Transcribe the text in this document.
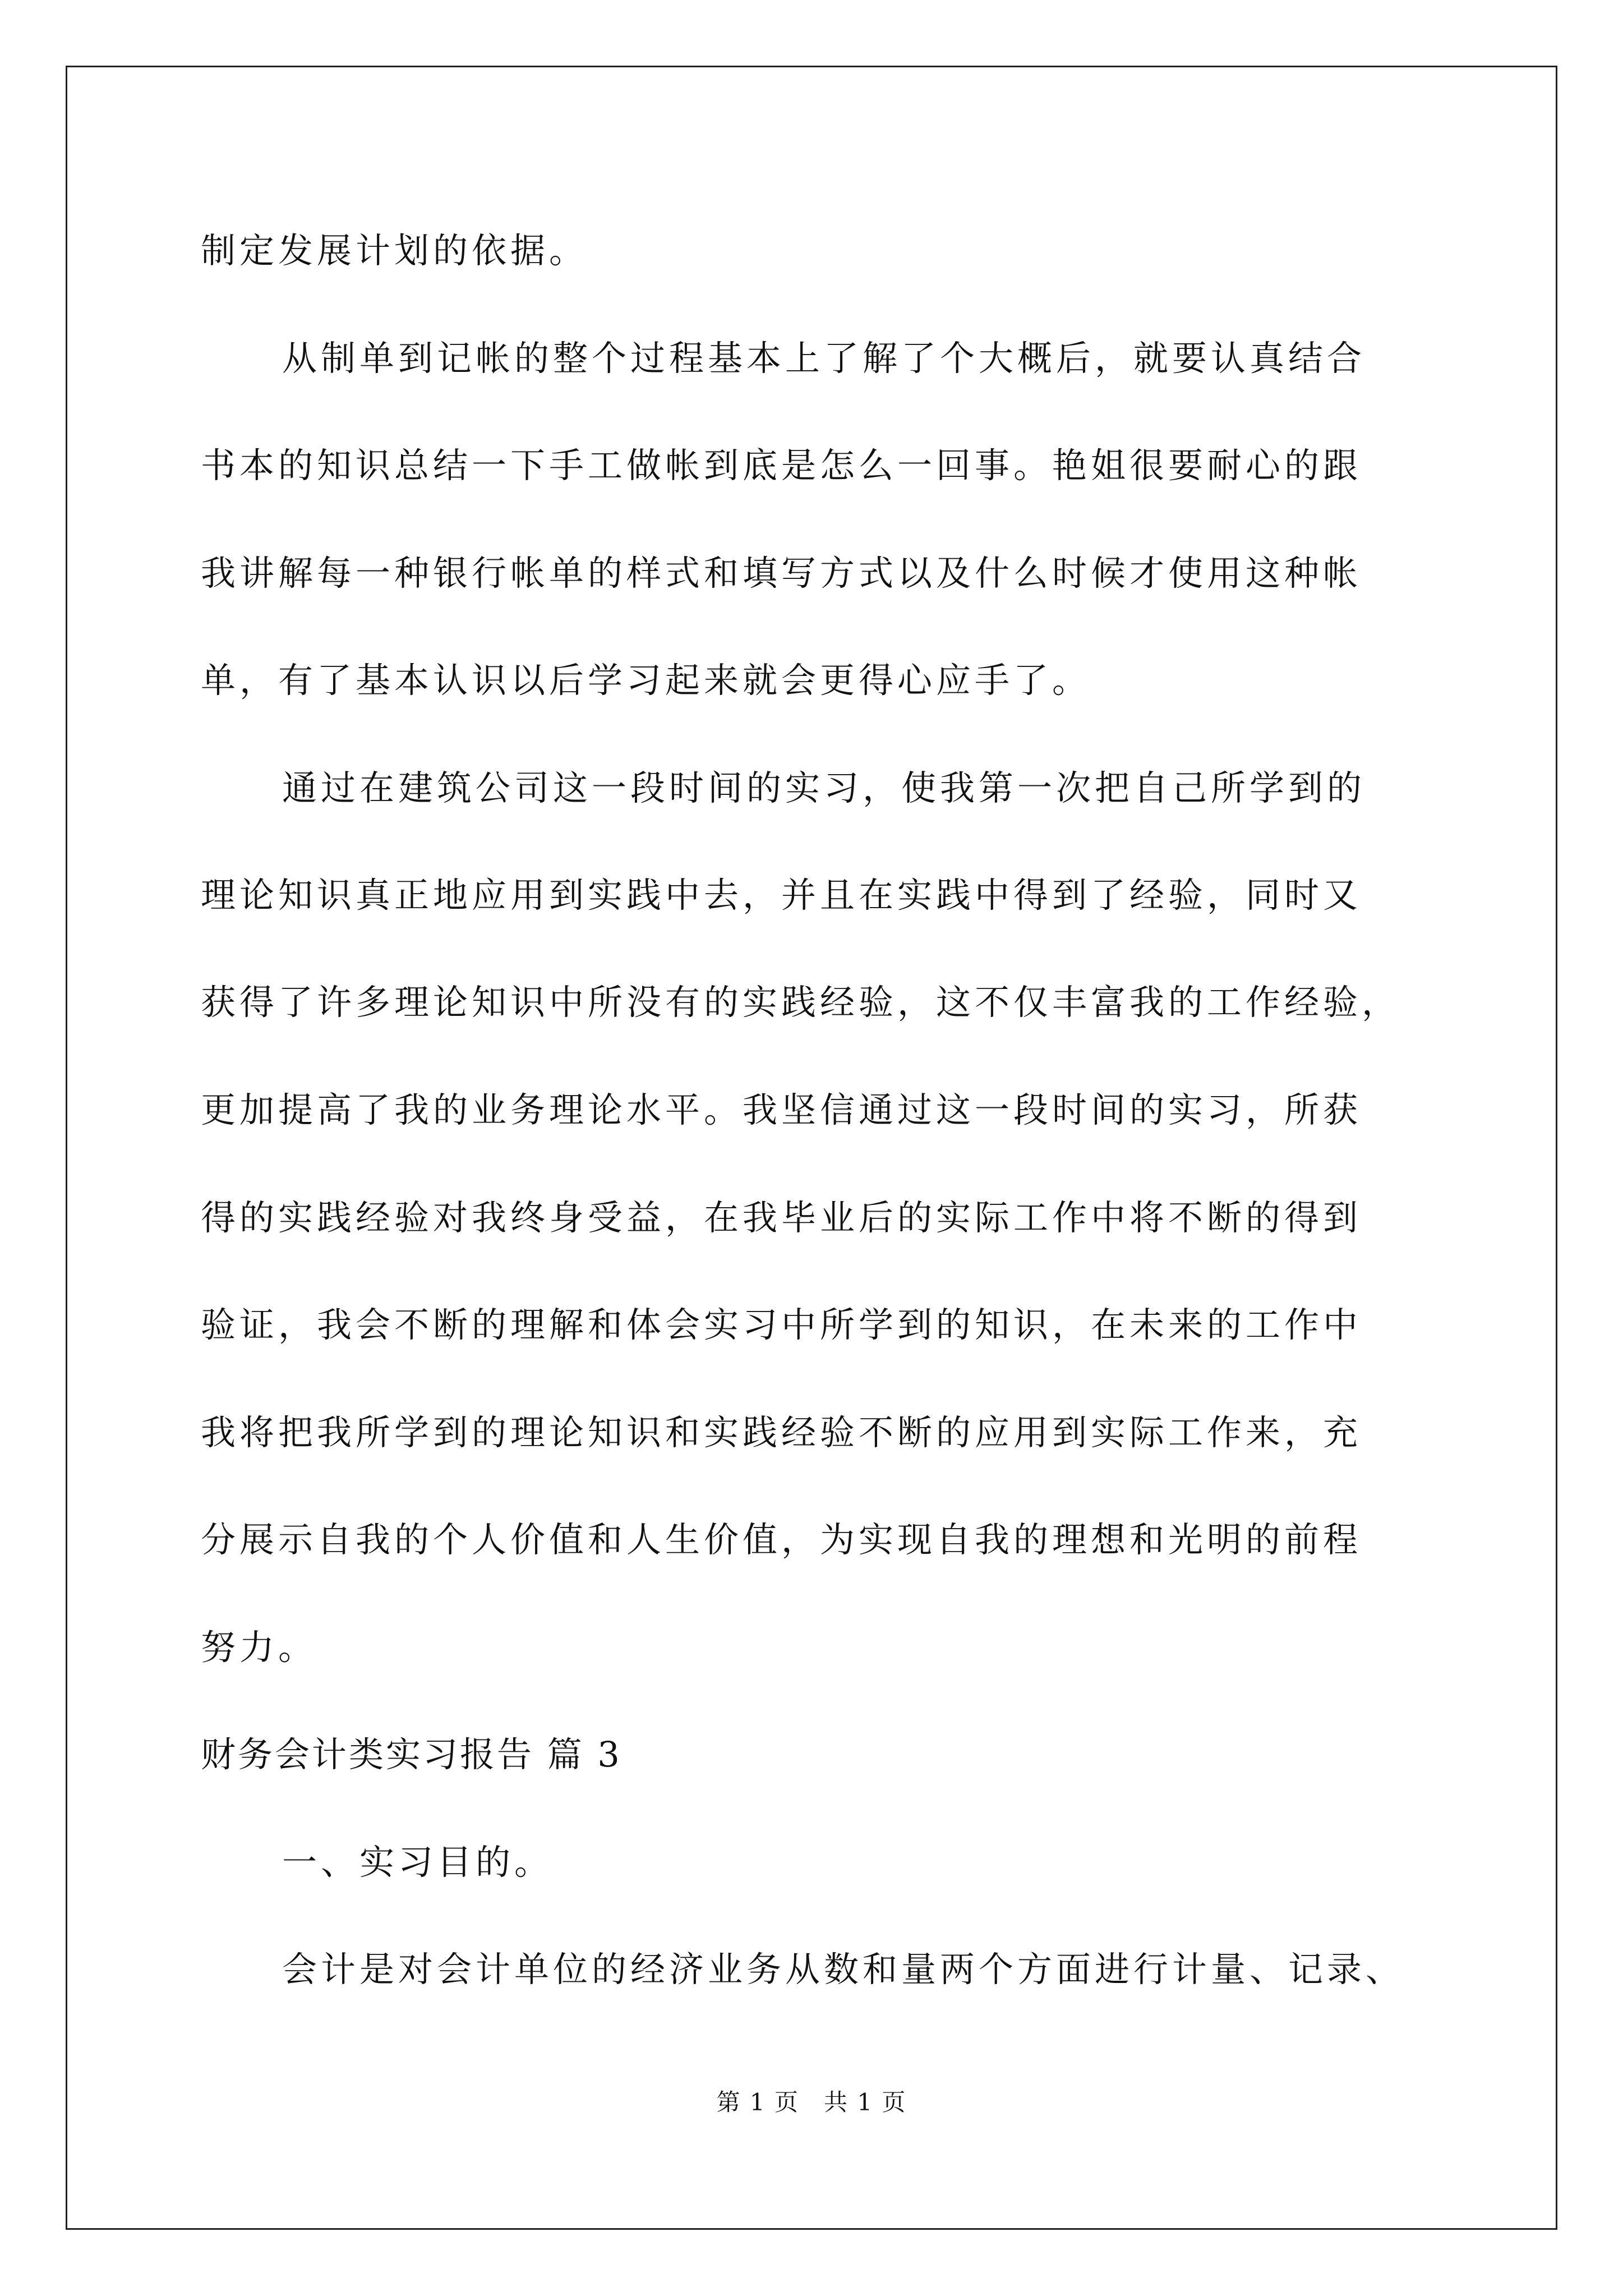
制定发展计划的依据。
从制单到记帐的整个过程基本上了解了个大概后，就要认真结合
书本的知识总结一下手工做帐到底是怎么一回事。艳姐很要耐心的跟
我讲解每一种银行帐单的样式和填写方式以及什么时候才使用这种帐
单，有了基本认识以后学习起来就会更得心应手了。
通过在建筑公司这一段时间的实习，使我第一次把自己所学到的
理论知识真正地应用到实践中去，并且在实践中得到了经验，同时又
获得了许多理论知识中所没有的实践经验，这不仅丰富我的工作经验，
更加提高了我的业务理论水平。我坚信通过这一段时间的实习，所获
得的实践经验对我终身受益，在我毕业后的实际工作中将不断的得到
验证，我会不断的理解和体会实习中所学到的知识，在未来的工作中
我将把我所学到的理论知识和实践经验不断的应用到实际工作来，充
分展示自我的个人价值和人生价值，为实现自我的理想和光明的前程
努力。
财务会计类实习报告 篇 3
一、实习目的。
会计是对会计单位的经济业务从数和量两个方面进行计量、记录、
第 1 页　共 1 页
